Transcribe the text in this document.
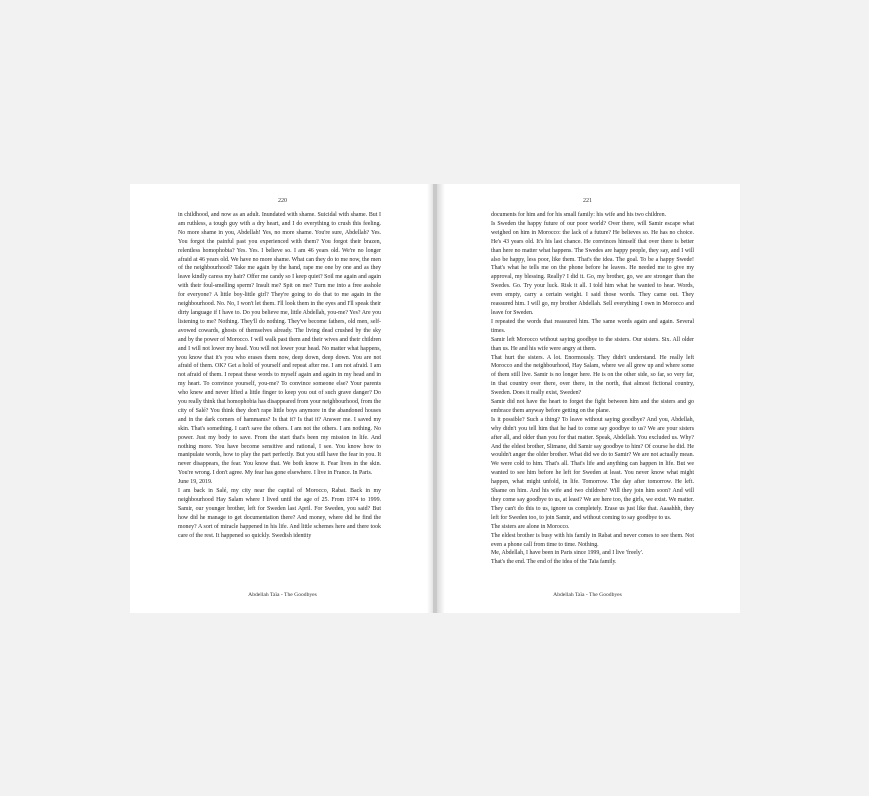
220

in childhood, and now as an adult. Inundated with shame. Suicidal with shame. But I am ruthless, a tough guy with a dry heart, and I do everything to crush this feeling. No more shame in you, Abdellah! Yes, no more shame. You're sure, Abdellah? Yes. You forgot the painful past you experienced with them? You forgot their brazen, relentless homophobia? Yes. Yes. I believe so. I am 46 years old. We're no longer afraid at 46 years old. We have no more shame. What can they do to me now, the men of the neighbourhood? Take me again by the hand, rape me one by one and as they leave kindly caress my hair? Offer me candy so I keep quiet? Soil me again and again with their foul-smelling sperm? Insult me? Spit on me? Turn me into a free asshole for everyone? A little boy-little girl? They're going to do that to me again in the neighbourhood. No. No, I won't let them. I'll look them in the eyes and I'll speak their dirty language if I have to. Do you believe me, little Abdellah, you-me? Yes? Are you listening to me? Nothing. They'll do nothing. They've become fathers, old men, self-avowed cowards, ghosts of themselves already. The living dead crushed by the sky and by the power of Morocco. I will walk past them and their wives and their children and I will not lower my head. You will not lower your head. No matter what happens, you know that it's you who erases them now, deep down, deep down. You are not afraid of them. OK? Get a hold of yourself and repeat after me. I am not afraid. I am not afraid of them. I repeat these words to myself again and again in my head and in my heart. To convince yourself, you-me? To convince someone else? Your parents who knew and never lifted a little finger to keep you out of such grave danger? Do you really think that homophobia has disappeared from your neighbourhood, from the city of Salé? You think they don't rape little boys anymore in the abandoned houses and in the dark corners of hammams? Is that it? Is that it? Answer me. I saved my skin. That's something. I can't save the others. I am not the others. I am nothing. No power. Just my body to save. From the start that's been my mission in life. And nothing more. You have become sensitive and rational, I see. You know how to manipulate words, how to play the part perfectly. But you still have the fear in you. It never disappears, the fear. You know that. We both know it. Fear lives in the skin. You're wrong. I don't agree. My fear has gone elsewhere. I live in France. In Paris.

June 19, 2019.

I am back in Salé, my city near the capital of Morocco, Rabat. Back in my neighbourhood Hay Salam where I lived until the age of 25. From 1974 to 1999. Samir, our younger brother, left for Sweden last April. For Sweden, you said? But how did he manage to get documentation there? And money, where did he find the money? A sort of miracle happened in his life. And little schemes here and there took care of the rest. It happened so quickly. Swedish identity

Abdellah Taïa - The Goodbyes
221

documents for him and for his small family: his wife and his two children.

Is Sweden the happy future of our poor world? Over there, will Samir escape what weighed on him in Morocco: the lack of a future? He believes so. He has no choice. He's 43 years old. It's his last chance. He convinces himself that over there is better than here no matter what happens. The Swedes are happy people, they say, and I will also be happy, less poor, like them. That's the idea. The goal. To be a happy Swede! That's what he tells me on the phone before he leaves. He needed me to give my approval, my blessing. Really? I did it. Go, my brother, go, we are stronger than the Swedes. Go. Try your luck. Risk it all. I told him what he wanted to hear. Words, even empty, carry a certain weight. I said those words. They came out. They reassured him. I will go, my brother Abdellah. Sell everything I own in Morocco and leave for Sweden.

I repeated the words that reassured him. The same words again and again. Several times.

Samir left Morocco without saying goodbye to the sisters. Our sisters. Six. All older than us. He and his wife were angry at them.

That hurt the sisters. A lot. Enormously. They didn't understand. He really left Morocco and the neighbourhood, Hay Salam, where we all grew up and where some of them still live. Samir is no longer here. He is on the other side, so far, so very far, in that country over there, over there, in the north, that almost fictional country, Sweden. Does it really exist, Sweden?

Samir did not have the heart to forget the fight between him and the sisters and go embrace them anyway before getting on the plane.

Is it possible? Such a thing? To leave without saying goodbye? And you, Abdellah, why didn't you tell him that he had to come say goodbye to us? We are your sisters after all, and older than you for that matter. Speak, Abdellah. You excluded us. Why? And the eldest brother, Slimane, did Samir say goodbye to him? Of course he did. He wouldn't anger the older brother. What did we do to Samir? We are not actually mean. We were cold to him. That's all. That's life and anything can happen in life. But we wanted to see him before he left for Sweden at least. You never know what might happen, what might unfold, in life. Tomorrow. The day after tomorrow. He left. Shame on him. And his wife and two children? Will they join him soon? And will they come say goodbye to us, at least? We are here too, the girls, we exist. We matter. They can't do this to us, ignore us completely. Erase us just like that. Aaaahhh, they left for Sweden too, to join Samir, and without coming to say goodbye to us.

The sisters are alone in Morocco.

The eldest brother is busy with his family in Rabat and never comes to see them. Not even a phone call from time to time. Nothing.

Me, Abdellah, I have been in Paris since 1999, and I live 'freely'.

That's the end. The end of the idea of the Taïa family.

Abdellah Taïa - The Goodbyes
